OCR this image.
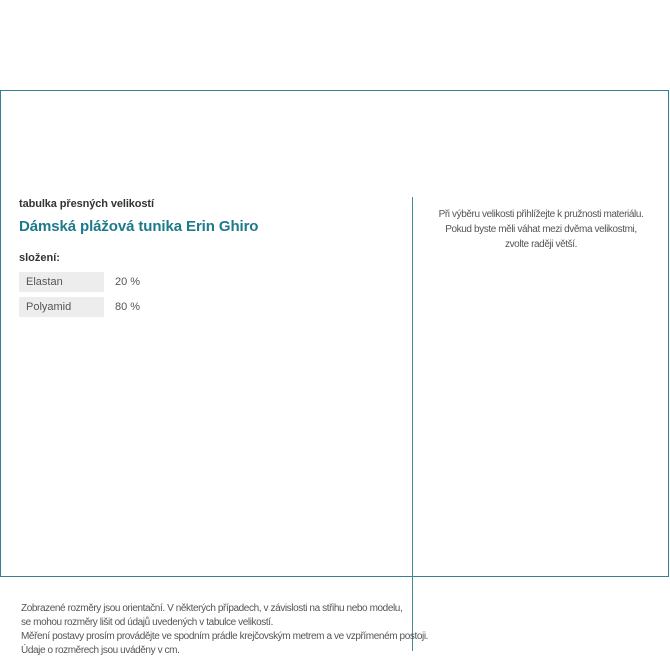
tabulka přesných velikostí
Dámská plážová tunika Erin Ghiro
složení:
Elastan	20 %
Polyamid	80 %
Při výběru velikosti přihlížejte k pružnosti materiálu.
Pokud byste měli váhat mezi dvěma velikostmi,
zvolte raději větší.
Zobrazené rozměry jsou orientační. V některých případech, v závislosti na střihu nebo modelu,
se mohou rozměry lišit od údajů uvedených v tabulce velikostí.
Měření postavy prosím provádějte ve spodním prádle krejčovským metrem a ve vzpřímeném postoji.
Údaje o rozměrech jsou uváděny v cm.
